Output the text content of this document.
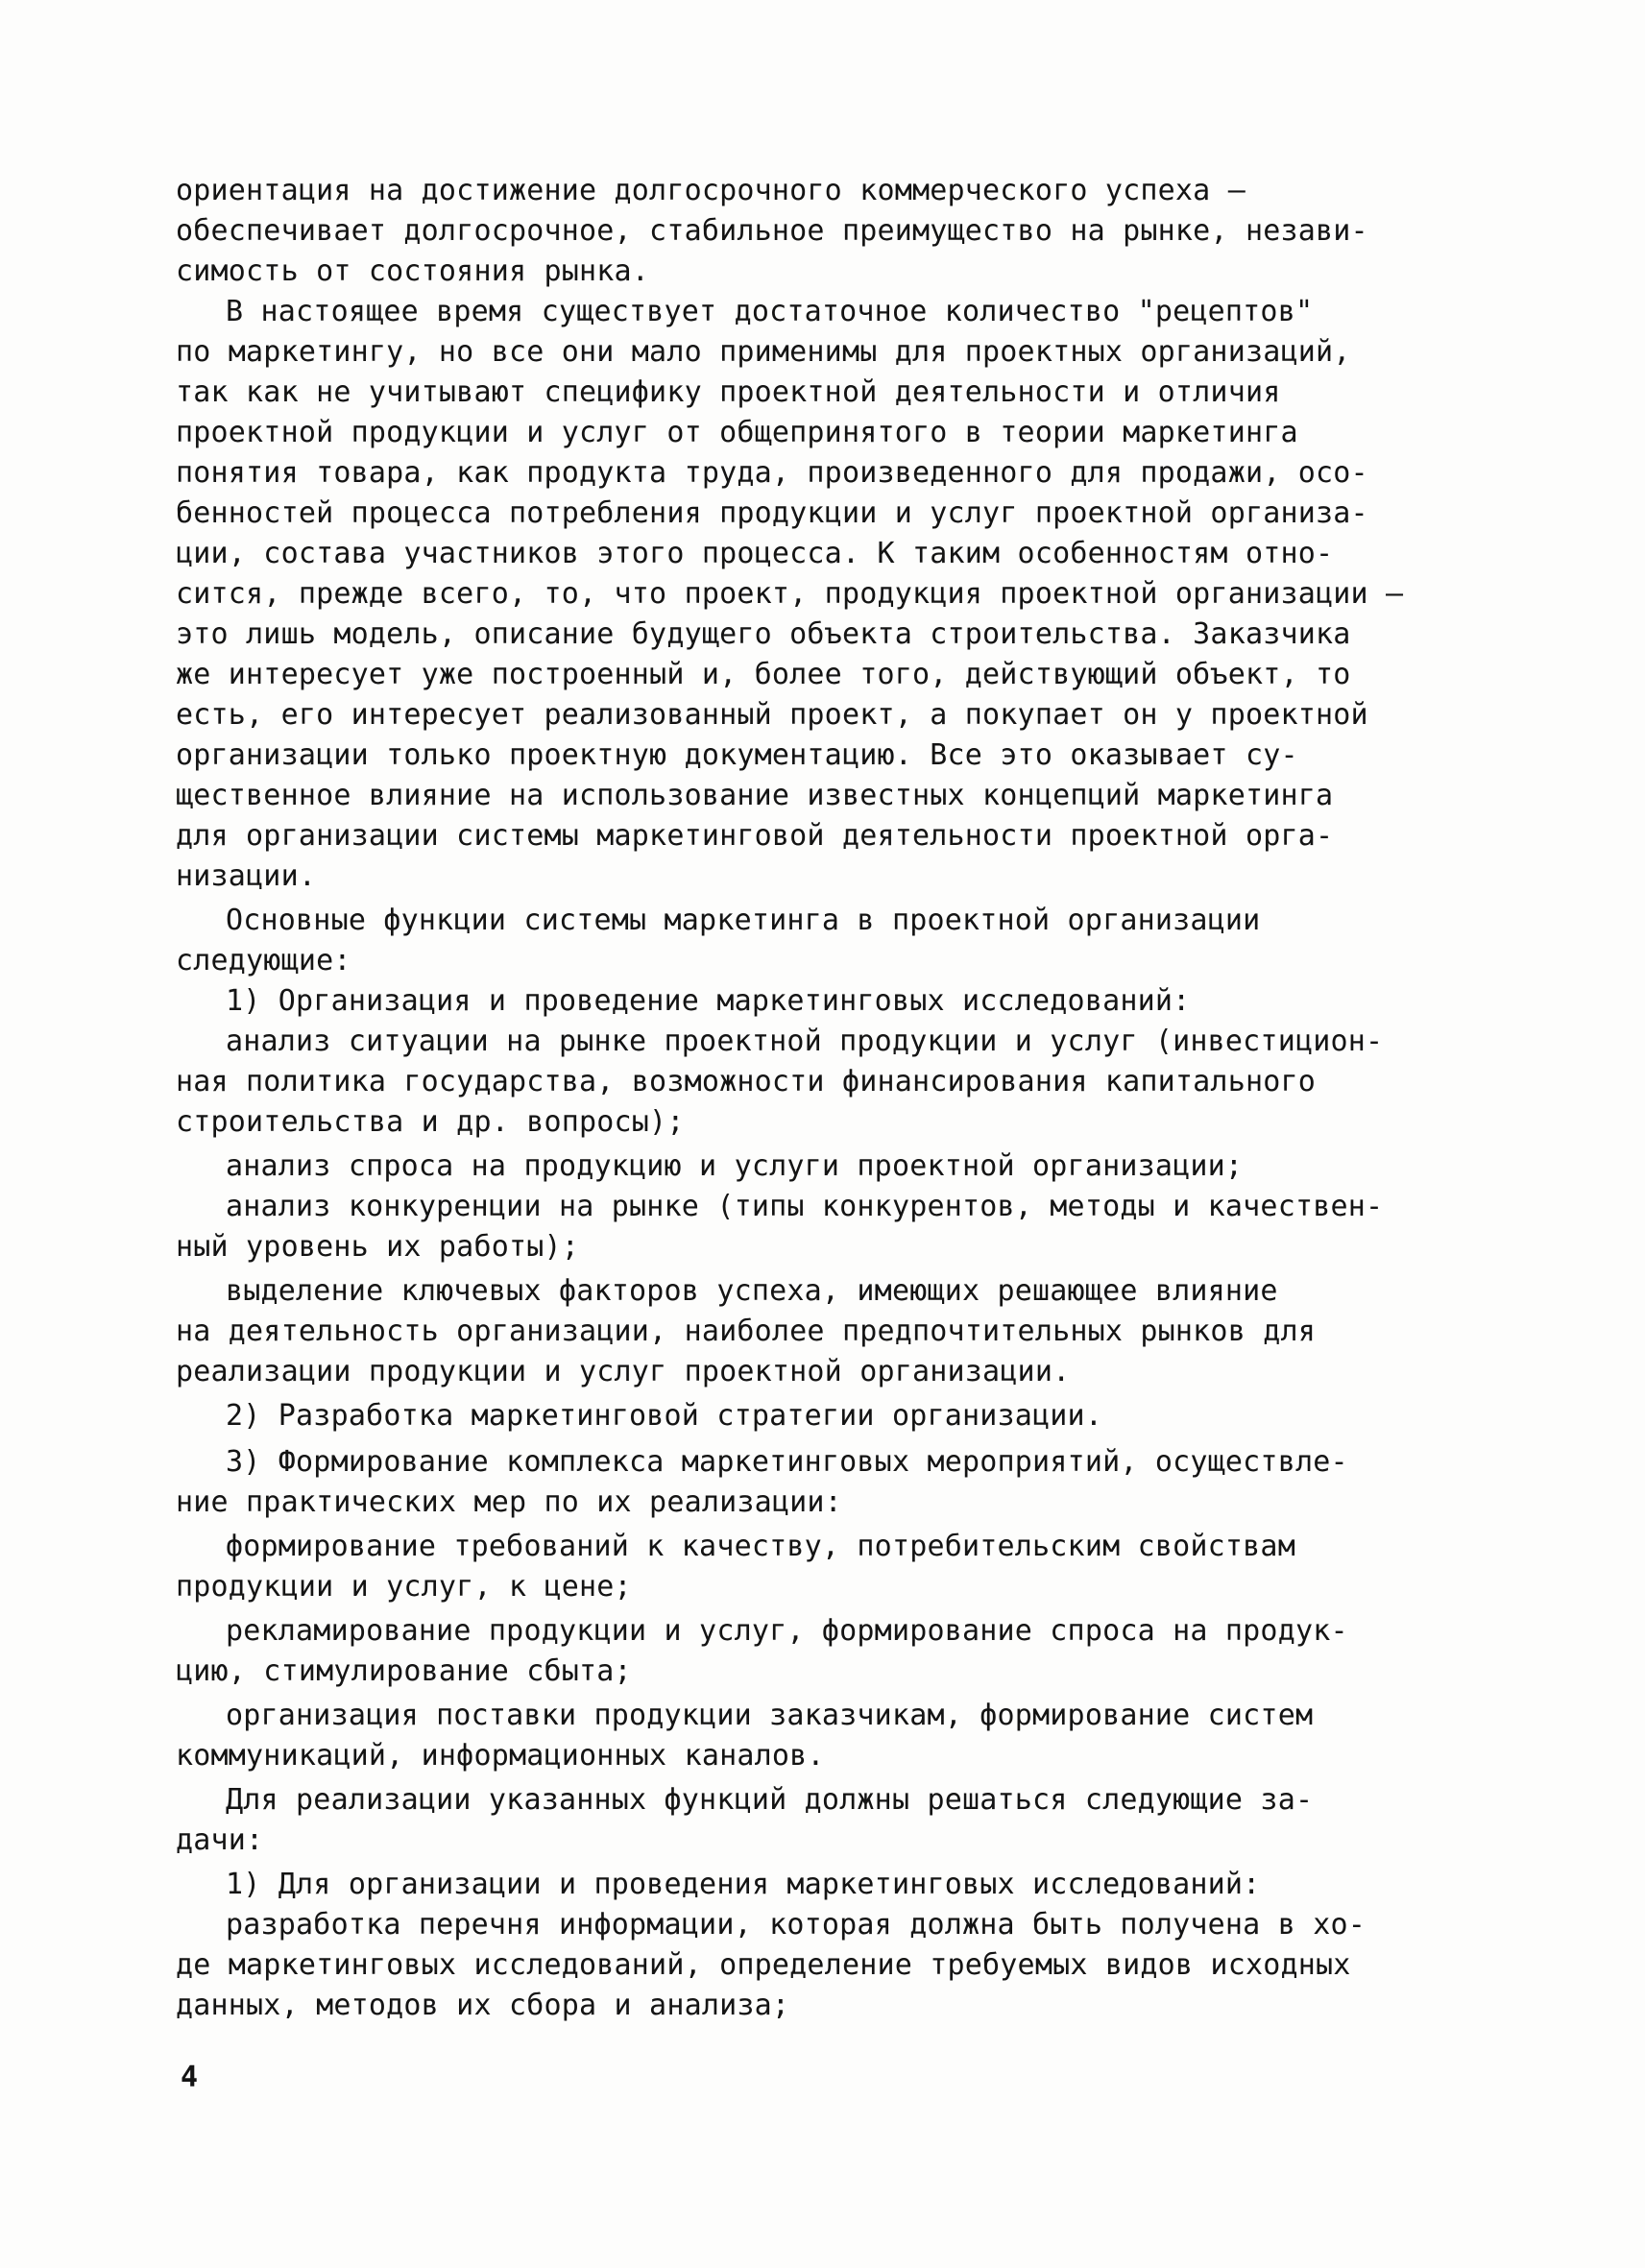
ориентация на достижение долгосрочного коммерческого успеха –
обеспечивает долгосрочное, стабильное преимущество на рынке, незави-
симость от состояния рынка.
В настоящее время существует достаточное количество "рецептов"
по маркетингу, но все они мало применимы для проектных организаций,
так как не учитывают специфику проектной деятельности и отличия
проектной продукции и услуг от общепринятого в теории маркетинга
понятия товара, как продукта труда, произведенного для продажи, осо-
бенностей процесса потребления продукции и услуг проектной организа-
ции, состава участников этого процесса. К таким особенностям отно-
сится, прежде всего, то, что проект, продукция проектной организации –
это лишь модель, описание будущего объекта строительства. Заказчика
же интересует уже построенный и, более того, действующий объект, то
есть, его интересует реализованный проект, а покупает он у проектной
организации только проектную документацию. Все это оказывает су-
щественное влияние на использование известных концепций маркетинга
для организации системы маркетинговой деятельности проектной орга-
низации.
Основные функции системы маркетинга в проектной организации
следующие:
1) Организация и проведение маркетинговых исследований:
анализ ситуации на рынке проектной продукции и услуг (инвестицион-
ная политика государства, возможности финансирования капитального
строительства и др. вопросы);
анализ спроса на продукцию и услуги проектной организации;
анализ конкуренции на рынке (типы конкурентов, методы и качествен-
ный уровень их работы);
выделение ключевых факторов успеха, имеющих решающее влияние
на деятельность организации, наиболее предпочтительных рынков для
реализации продукции и услуг проектной организации.
2) Разработка маркетинговой стратегии организации.
3) Формирование комплекса маркетинговых мероприятий, осуществле-
ние практических мер по их реализации:
формирование требований к качеству, потребительским свойствам
продукции и услуг, к цене;
рекламирование продукции и услуг, формирование спроса на продук-
цию, стимулирование сбыта;
организация поставки продукции заказчикам, формирование систем
коммуникаций, информационных каналов.
Для реализации указанных функций должны решаться следующие за-
дачи:
1) Для организации и проведения маркетинговых исследований:
разработка перечня информации, которая должна быть получена в хо-
де маркетинговых исследований, определение требуемых видов исходных
данных, методов их сбора и анализа;
4
